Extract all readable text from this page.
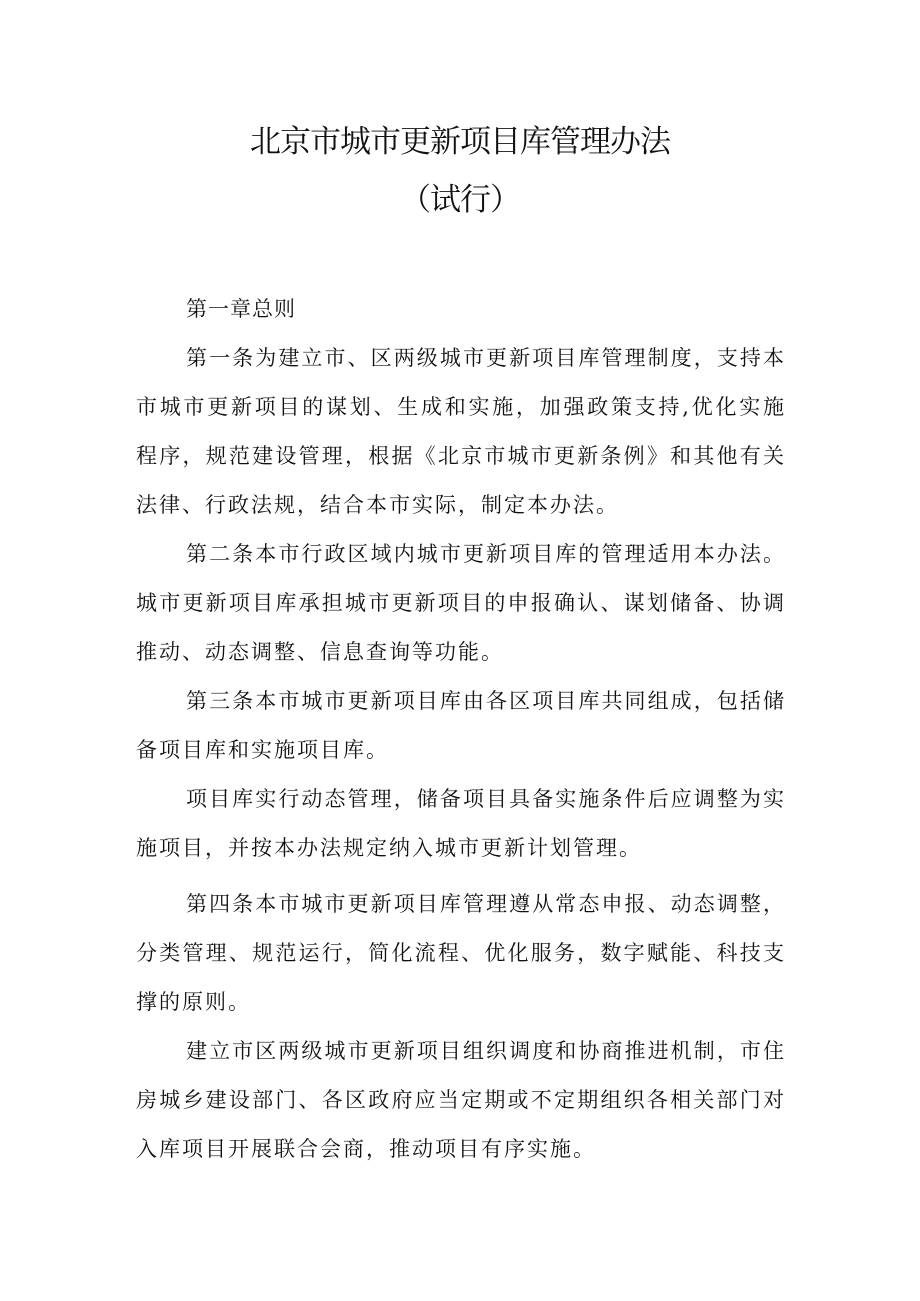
北京市城市更新项目库管理办法
（试行）

第一章总则

第一条为建立市、区两级城市更新项目库管理制度，支持本市城市更新项目的谋划、生成和实施，加强政策支持,优化实施程序，规范建设管理，根据《北京市城市更新条例》和其他有关法律、行政法规，结合本市实际，制定本办法。

第二条本市行政区域内城市更新项目库的管理适用本办法。城市更新项目库承担城市更新项目的申报确认、谋划储备、协调推动、动态调整、信息查询等功能。

第三条本市城市更新项目库由各区项目库共同组成，包括储备项目库和实施项目库。

项目库实行动态管理，储备项目具备实施条件后应调整为实施项目，并按本办法规定纳入城市更新计划管理。

第四条本市城市更新项目库管理遵从常态申报、动态调整，分类管理、规范运行，简化流程、优化服务，数字赋能、科技支撑的原则。

建立市区两级城市更新项目组织调度和协商推进机制，市住房城乡建设部门、各区政府应当定期或不定期组织各相关部门对入库项目开展联合会商，推动项目有序实施。
